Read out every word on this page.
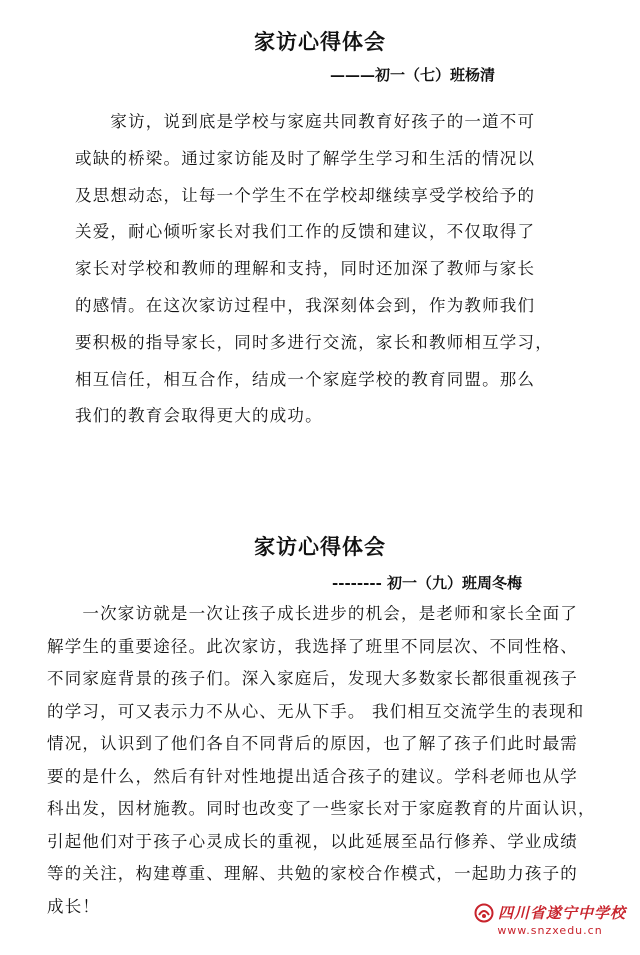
家访心得体会
———初一（七）班杨清
　　家访，说到底是学校与家庭共同教育好孩子的一道不可
或缺的桥梁。通过家访能及时了解学生学习和生活的情况以
及思想动态，让每一个学生不在学校却继续享受学校给予的
关爱，耐心倾听家长对我们工作的反馈和建议，不仅取得了
家长对学校和教师的理解和支持，同时还加深了教师与家长
的感情。在这次家访过程中，我深刻体会到，作为教师我们
要积极的指导家长，同时多进行交流，家长和教师相互学习，
相互信任，相互合作，结成一个家庭学校的教育同盟。那么
我们的教育会取得更大的成功。
家访心得体会
-------- 初一（九）班周冬梅
　　一次家访就是一次让孩子成长进步的机会，是老师和家长全面了
解学生的重要途径。此次家访，我选择了班里不同层次、不同性格、
不同家庭背景的孩子们。深入家庭后，发现大多数家长都很重视孩子
的学习，可又表示力不从心、无从下手。 我们相互交流学生的表现和
情况，认识到了他们各自不同背后的原因，也了解了孩子们此时最需
要的是什么，然后有针对性地提出适合孩子的建议。学科老师也从学
科出发，因材施教。同时也改变了一些家长对于家庭教育的片面认识，
引起他们对于孩子心灵成长的重视，以此延展至品行修养、学业成绩
等的关注，构建尊重、理解、共勉的家校合作模式，一起助力孩子的
成长！	四川省遂宁中学校
www.snzxedu.cn
